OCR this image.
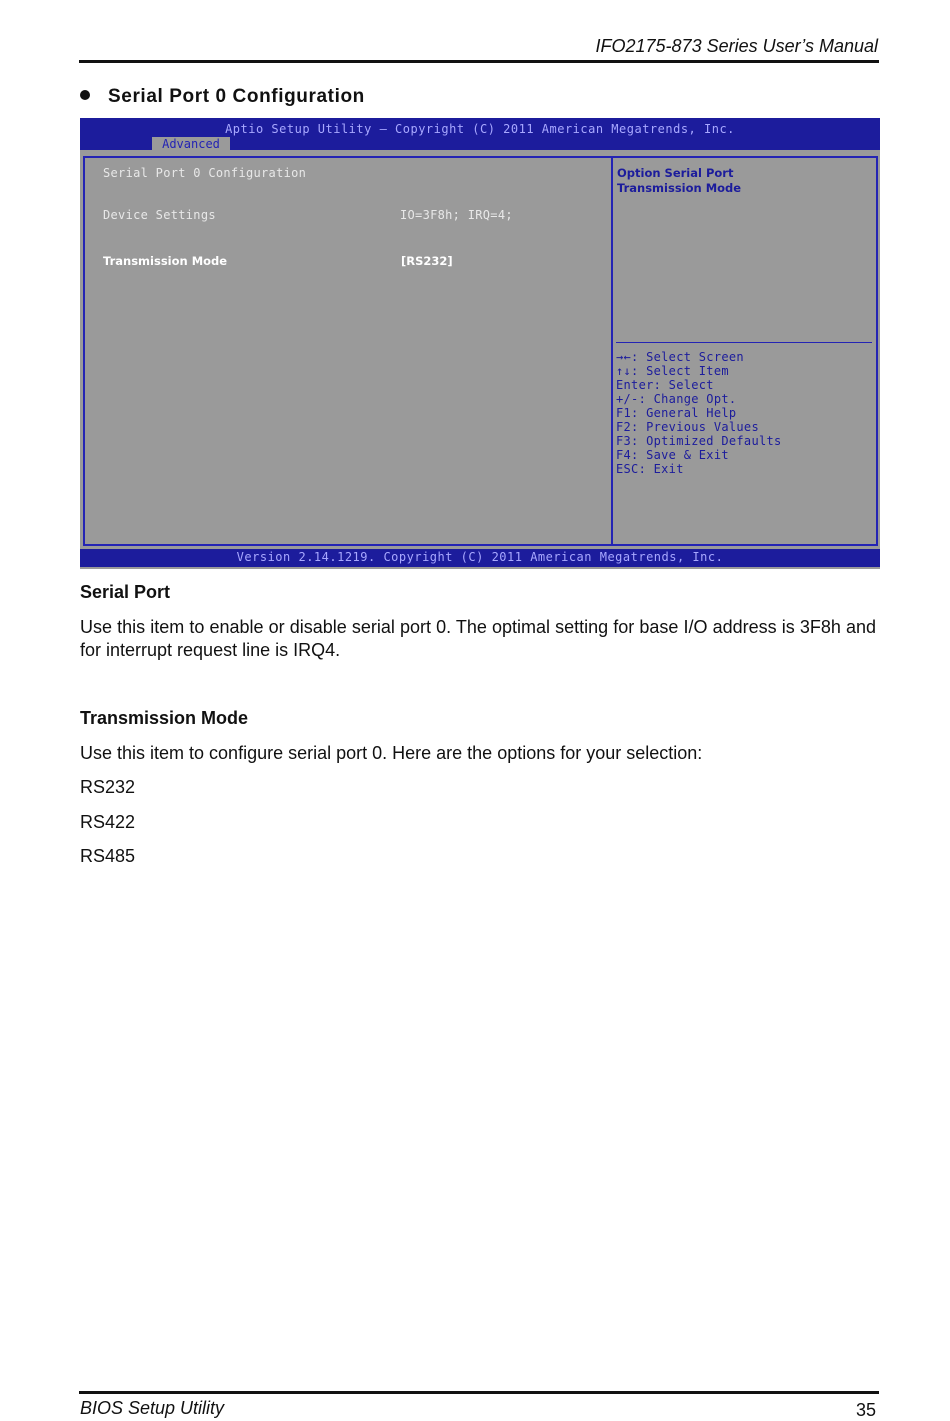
IFO2175-873 Series User’s Manual
Serial Port 0 Configuration
Aptio Setup Utility – Copyright (C) 2011 American Megatrends, Inc.
Advanced
Serial Port 0 Configuration
Device Settings	IO=3F8h; IRQ=4;
Transmission Mode	[RS232]
Option Serial Port
Transmission Mode
→←: Select Screen
↑↓: Select Item
Enter: Select
+/-: Change Opt.
F1: General Help
F2: Previous Values
F3: Optimized Defaults
F4: Save & Exit
ESC: Exit
Version 2.14.1219. Copyright (C) 2011 American Megatrends, Inc.
Serial Port
Use this item to enable or disable serial port 0. The optimal setting for base I/O address is 3F8h and for interrupt request line is IRQ4.
Transmission Mode
Use this item to configure serial port 0. Here are the options for your selection:
RS232
RS422
RS485
BIOS Setup Utility	35
